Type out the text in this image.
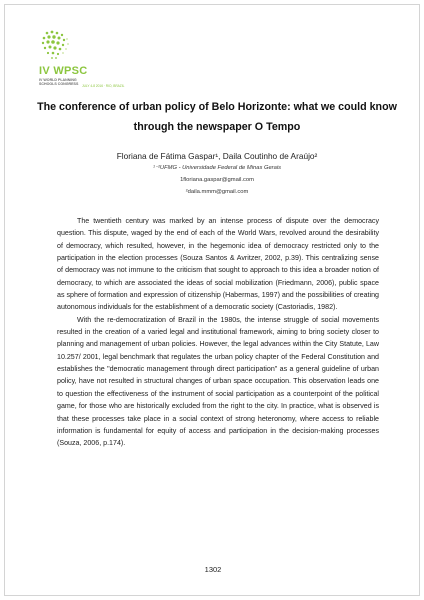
IV WPSC
IV WORLD PLANNING SCHOOLS CONGRESS JULY 4-8 2016 · RIO, BRAZIL
The conference of urban policy of Belo Horizonte: what we could know through the newspaper O Tempo
Floriana de Fátima Gaspar¹, Daila Coutinho de Araújo²
¹⁻²UFMG - Universidade Federal de Minas Gerais
1floriana.gaspar@gmail.com
²daila.mmm@gmail.com

The twentieth century was marked by an intense process of dispute over the democracy question. This dispute, waged by the end of each of the World Wars, revolved around the desirability of democracy, which resulted, however, in the hegemonic idea of democracy restricted only to the participation in the election processes (Souza Santos & Avritzer, 2002, p.39). This centralizing sense of democracy was not immune to the criticism that sought to approach to this idea a broader notion of democracy, to which are associated the ideas of social mobilization (Friedmann, 2006), public space as sphere of formation and expression of citizenship (Habermas, 1997) and the possibilities of creating autonomous individuals for the establishment of a democratic society (Castoriadis, 1982).

With the re-democratization of Brazil in the 1980s, the intense struggle of social movements resulted in the creation of a varied legal and institutional framework, aiming to bring society closer to planning and management of urban policies. However, the legal advances within the City Statute, Law 10.257/ 2001, legal benchmark that regulates the urban policy chapter of the Federal Constitution and establishes the "democratic management through direct participation" as a general guideline of urban policy, have not resulted in structural changes of urban space occupation. This observation leads one to question the effectiveness of the instrument of social participation as a counterpoint of the political game, for those who are historically excluded from the right to the city. In practice, what is observed is that these processes take place in a social context of strong heteronomy, where access to reliable information is fundamental for equity of access and participation in the decision-making processes (Souza, 2006, p.174).

1302
